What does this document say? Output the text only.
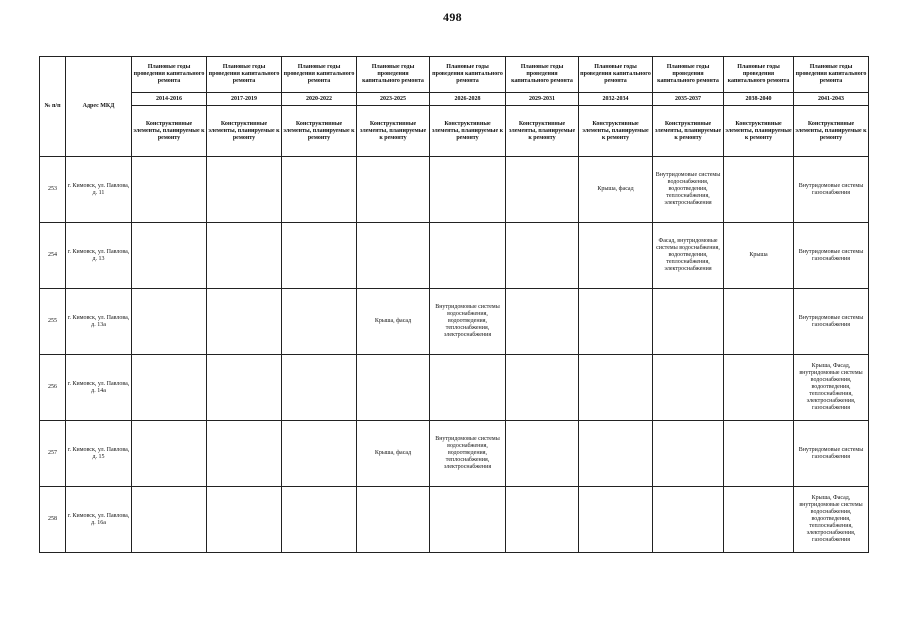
498
№ п/п	Адрес МКД	Плановые годы проведения капитального ремонта	Плановые годы проведения капитального ремонта	Плановые годы проведения капитального ремонта	Плановые годы проведения капитального ремонта	Плановые годы проведения капитального ремонта	Плановые годы проведения капитального ремонта	Плановые годы проведения капитального ремонта	Плановые годы проведения капитального ремонта	Плановые годы проведения капитального ремонта	Плановые годы проведения капитального ремонта
		2014-2016	2017-2019	2020-2022	2023-2025	2026-2028	2029-2031	2032-2034	2035-2037	2038-2040	2041-2043
		Конструктивные элементы, планируемые к ремонту	Конструктивные элементы, планируемые к ремонту	Конструктивные элементы, планируемые к ремонту	Конструктивные элементы, планируемые к ремонту	Конструктивные элементы, планируемые к ремонту	Конструктивные элементы, планируемые к ремонту	Конструктивные элементы, планируемые к ремонту	Конструктивные элементы, планируемые к ремонту	Конструктивные элементы, планируемые к ремонту	Конструктивные элементы, планируемые к ремонту
253	г. Кимовск, ул. Павлова, д. 11							Крыша, фасад	Внутридомовые системы водоснабжения, водоотведения, теплоснабжения, электроснабжения		Внутридомовые системы газоснабжения
254	г. Кимовск, ул. Павлова, д. 13								Фасад, внутридомовые системы водоснабжения, водоотведения, теплоснабжения, электроснабжения	Крыша	Внутридомовые системы газоснабжения
255	г. Кимовск, ул. Павлова, д. 13а				Крыша, фасад	Внутридомовые системы водоснабжения, водоотведения, теплоснабжения, электроснабжения					Внутридомовые системы газоснабжения
256	г. Кимовск, ул. Павлова, д. 14а										Крыша, Фасад, внутридомовые системы водоснабжения, водоотведения, теплоснабжения, электроснабжения, газоснабжения
257	г. Кимовск, ул. Павлова, д. 15				Крыша, фасад	Внутридомовые системы водоснабжения, водоотведения, теплоснабжения, электроснабжения					Внутридомовые системы газоснабжения
258	г. Кимовск, ул. Павлова, д. 16а										Крыша, Фасад, внутридомовые системы водоснабжения, водоотведения, теплоснабжения, электроснабжения, газоснабжения
